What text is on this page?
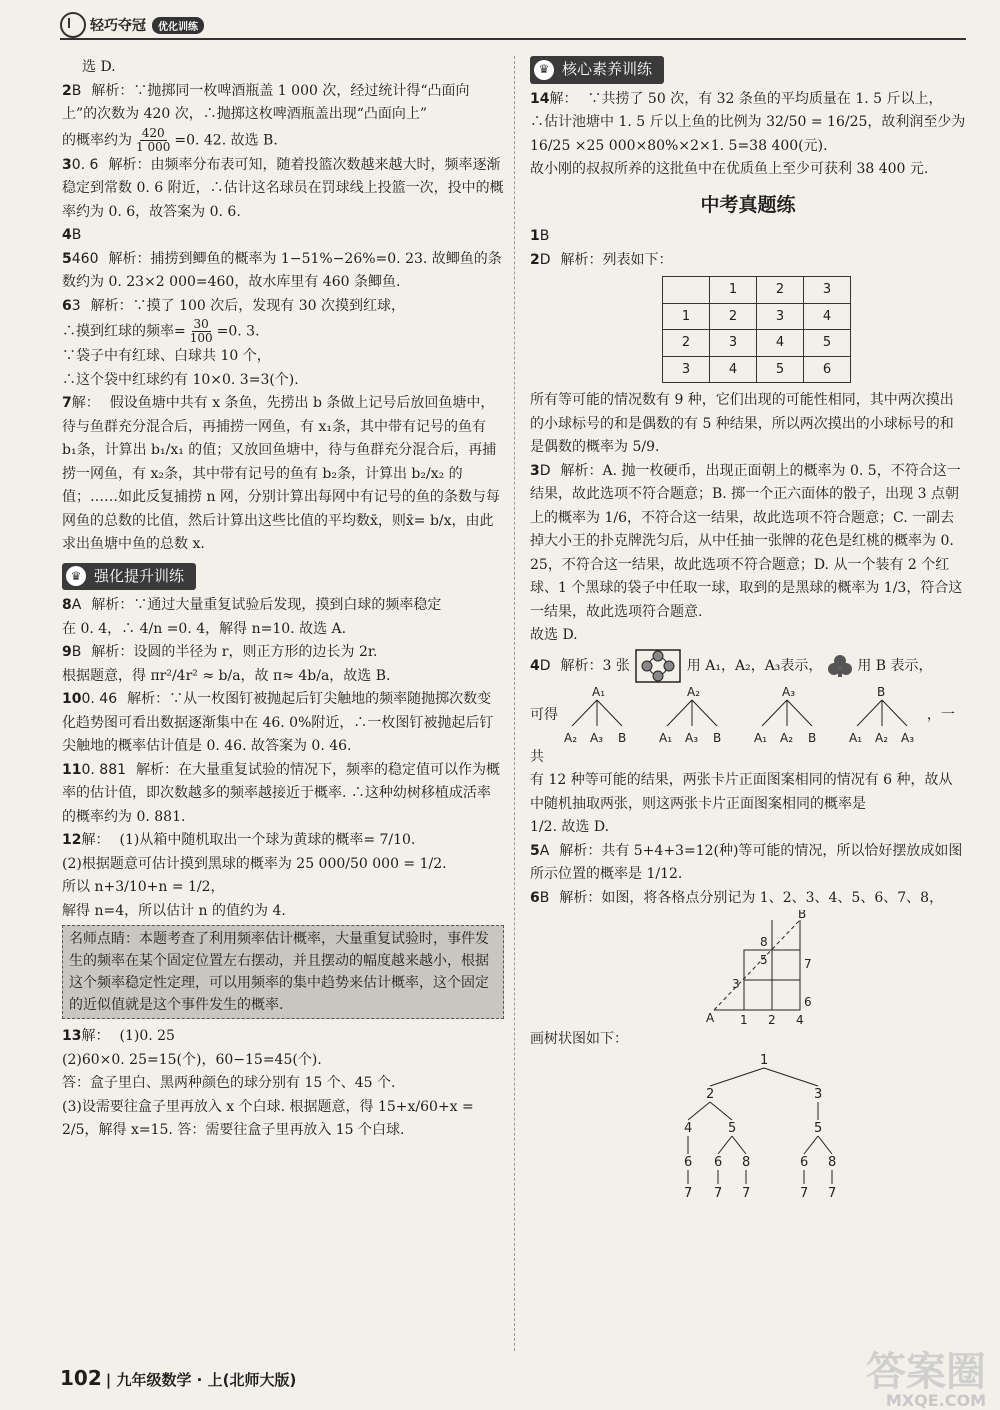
轻巧夺冠	优化训练

选 D.

2B 解析：∵抛掷同一枚啤酒瓶盖 1 000 次，经过统计得“凸面向上”的次数为 420 次，∴抛掷这枚啤酒瓶盖出现“凸面向上”
的概率约为 $\frac{420}{1 000} =0$. 42. 故选 B.

30. 6 解析：由频率分布表可知，随着投篮次数越来越大时，频率逐渐稳定到常数 0. 6 附近，∴估计这名球员在罚球线上投篮一次，投中的概率约为 0. 6，故答案为 0. 6.

4B

5460 解析：捕捞到鲫鱼的概率为 1−51%−26%=0. 23. 故鲫鱼的条数约为 0. 23×2 000=460，故水库里有 460 条鲫鱼.

63 解析：∵摸了 100 次后，发现有 30 次摸到红球，
∴摸到红球的频率= $\frac{30}{100} =0$. 3.
∵袋子中有红球、白球共 10 个，
∴这个袋中红球约有 10×0. 3=3(个).

7解： 假设鱼塘中共有 x 条鱼，先捞出 b 条做上记号后放回鱼塘中，待与鱼群充分混合后，再捕捞一网鱼，有 x₁条，其中带有记号的鱼有 b₁条，计算出 b₁/x₁ 的值；又放回鱼塘中，待与鱼群充分混合后，再捕捞一网鱼，有 x₂条，其中带有记号的鱼有 b₂条，计算出 b₂/x₂ 的值；……如此反复捕捞 n 网，分别计算出每网中有记号的鱼的条数与每网鱼的总数的比值，然后计算出这些比值的平均数x̄，则x̄= b/x，由此求出鱼塘中鱼的总数 x.

♛ 强化提升训练

8A 解析：∵通过大量重复试验后发现，摸到白球的频率稳定
在 0. 4，∴ 4/n =0. 4，解得 n=10. 故选 A.

9B 解析：设圆的半径为 r，则正方形的边长为 2r.
根据题意，得 πr²/4r² ≈ b/a，故 π≈ 4b/a，故选 B.

100. 46 解析：∵从一枚图钉被抛起后钉尖触地的频率随抛掷次数变化趋势图可看出数据逐渐集中在 46. 0%附近，∴一枚图钉被抛起后钉尖触地的概率估计值是 0. 46. 故答案为 0. 46.

110. 881 解析：在大量重复试验的情况下，频率的稳定值可以作为概率的估计值，即次数越多的频率越接近于概率. ∴这种幼树移植成活率的概率约为 0. 881.

12解： (1)从箱中随机取出一个球为黄球的概率= 7/10.
(2)根据题意可估计摸到黑球的概率为 25 000/50 000 = 1/2.
所以 n+3/10+n = 1/2，
解得 n=4，所以估计 n 的值约为 4.

名师点睛：本题考查了利用频率估计概率，大量重复试验时，事件发生的频率在某个固定位置左右摆动，并且摆动的幅度越来越小，根据这个频率稳定性定理，可以用频率的集中趋势来估计概率，这个固定的近似值就是这个事件发生的概率.

13解： (1)0. 25
(2)60×0. 25=15(个)，60−15=45(个).
答：盒子里白、黑两种颜色的球分别有 15 个、45 个.
(3)设需要往盒子里再放入 x 个白球. 根据题意，得 15+x/60+x =
2/5，解得 x=15. 答：需要往盒子里再放入 15 个白球.

♛ 核心素养训练

14解： ∵共捞了 50 次，有 32 条鱼的平均质量在 1. 5 斤以上，
∴估计池塘中 1. 5 斤以上鱼的比例为 32/50 = 16/25，故利润至少为
16/25 ×25 000×80%×2×1. 5=38 400(元).
故小刚的叔叔所养的这批鱼中在优质鱼上至少可获利 38 400 元.

中考真题练

1B

2D 解析：列表如下：

	1	2	3
1	2	3	4
2	3	4	5
3	4	5	6

所有等可能的情况数有 9 种，它们出现的可能性相同，其中两次摸出的小球标号的和是偶数的有 5 种结果，所以两次摸出的小球标号的和是偶数的概率为 5/9.

3D 解析：A. 抛一枚硬币，出现正面朝上的概率为 0. 5，不符合这一结果，故此选项不符合题意；B. 掷一个正六面体的骰子，出现 3 点朝上的概率为 1/6，不符合这一结果，故此选项不符合题意；C. 一副去掉大小王的扑克牌洗匀后，从中任抽一张牌的花色是红桃的概率为 0. 25，不符合这一结果，故此选项不符合题意；D. 从一个装有 2 个红球、1 个黑球的袋子中任取一球，取到的是黑球的概率为 1/3，符合这一结果，故此选项符合题意.
故选 D.

4D 解析：3 张	用 A₁，A₂，A₃表示， 用 B 表示，
可得
A₁
A₂ A₃ B
A₂
A₁ A₃ B
A₃
A₁ A₂ B
B
A₁ A₂ A₃
，一共
有 12 种等可能的结果，两张卡片正面图案相同的情况有 6 种，故从中随机抽取两张，则这两张卡片正面图案相同的概率是
1/2. 故选 D.

5A 解析：共有 5+4+3=12(种)等可能的情况，所以恰好摆放成如图所示位置的概率是 1/12.

6B 解析：如图，将各格点分别记为 1、2、3、4、5、6、7、8，

A
B
1 2 4
3
5
6
7
8

画树状图如下：

1
2	3
4	5	5
6 6 8	6 8
7 7 7	7 7
102 | 九年级数学 · 上(北师大版)	答案圈
MXQE.COM
